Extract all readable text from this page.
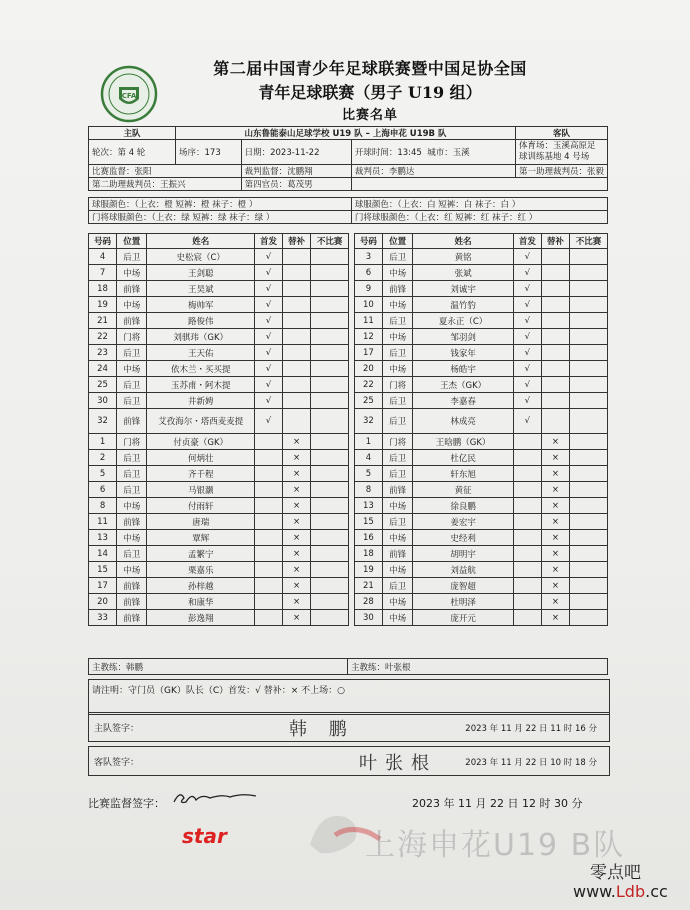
CFA
第二届中国青少年足球联赛暨中国足协全国
青年足球联赛（男子 U19 组）
比赛名单
主队	山东鲁能泰山足球学校 U19 队 – 上海申花 U19B 队			客队
轮次：第 4 轮	场序：173	日期：2023-11-22	开球时间：13:45 城市：玉溪	体育场：玉溪高原足
球训练基地 4 号场

比赛监督：张阳		裁判监督：沈鹏翔	裁判员：李鹏达	第一助理裁判员：张毅
第二助理裁判员：王振兴		第四官员：葛茂男		

球服颜色：（上衣：橙 短裤：橙 袜子：橙 ）			球服颜色：（上衣：白 短裤：白 袜子：白 ）	
门将球服颜色：（上衣：绿 短裤：绿 袜子：绿 ）			门将球服颜色：（上衣：红 短裤：红 袜子：红 ）	
号码	位置	姓名	首发	替补	不比赛		号码	位置	姓名	首发	替补	不比赛
4	后卫	史松宸（C）	√				3	后卫	黄铭	√		
7	中场	王剑聪	√				6	中场	张斌	√		
18	前锋	王昊斌	√				9	前锋	刘诚宇	√		
19	中场	梅帅军	√				10	中场	温竹豹	√		
21	前锋	路俊伟	√				11	后卫	夏永正（C）	√		
22	门将	刘骐玮（GK）	√				12	中场	邹羽剑	√		
23	后卫	王天佑	√				17	后卫	钱家年	√		
24	中场	依木兰・买买提	√				20	中场	杨皓宇	√		
25	后卫	玉苏甫・阿木提	√				22	门将	王杰（GK）	√		
30	后卫	井新娉	√				25	后卫	李嘉春	√		
32	前锋	艾孜海尔・塔西麦麦提	√				32	后卫	林成亮	√		
1	门将	付贞豪（GK）		×			1	门将	王晗鹏（GK）		×	
2	后卫	何炳壮		×			4	后卫	杜亿民		×	
5	后卫	齐千程		×			5	后卫	轩东旭		×	
6	后卫	马银灏		×			8	前锋	黄征		×	
8	中场	付雨轩		×			13	中场	徐良鹏		×	
11	前锋	唐瑞		×			15	后卫	姜宏宇		×	
13	中场	覃辉		×			16	中场	史经利		×	
14	后卫	孟繁宁		×			18	前锋	胡明宇		×	
15	中场	栗嘉乐		×			19	中场	刘益航		×	
17	前锋	孙梓越		×			21	后卫	庞智超		×	
20	前锋	和康华		×			28	中场	杜明泽		×	
33	前锋	彭逸翔		×			30	中场	庞开元		×	
主教练：韩鹏	主教练：叶张根
请注明：守门员（GK）队长（C）首发：√ 替补：× 不上场：○
主队签字：	韩 鹏	2023 年 11 月 22 日 11 时 16 分
客队签字：	叶张根	2023 年 11 月 22 日 10 时 18 分
比赛监督签字：	2023 年 11 月 22 日 12 时 30 分
star	上海申花U19 B队
零点吧
www.Ldb.cc
